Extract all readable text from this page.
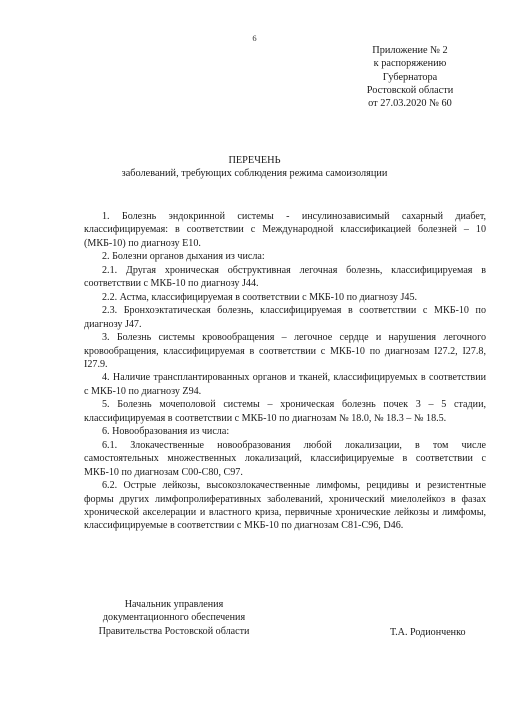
6
Приложение № 2
к распоряжению
Губернатора
Ростовской области
от 27.03.2020 № 60
ПЕРЕЧЕНЬ
заболеваний, требующих соблюдения режима самоизоляции

1. Болезнь эндокринной системы - инсулинозависимый сахарный диабет, классифицируемая: в соответствии с Международной классификацией болезней – 10 (МКБ-10) по диагнозу Е10.

2. Болезни органов дыхания из числа:

2.1. Другая хроническая обструктивная легочная болезнь, классифицируемая в соответствии с МКБ-10 по диагнозу J44.

2.2. Астма, классифицируемая в соответствии с МКБ-10 по диагнозу J45.

2.3. Бронхоэктатическая болезнь, классифицируемая в соответствии с МКБ-10 по диагнозу J47.

3. Болезнь системы кровообращения – легочное сердце и нарушения легочного кровообращения, классифицируемая в соответствии с МКБ-10 по диагнозам I27.2, I27.8, I27.9.

4. Наличие трансплантированных органов и тканей, классифицируемых в соответствии с МКБ-10 по диагнозу Z94.

5. Болезнь мочеполовой системы – хроническая болезнь почек 3 – 5 стадии, классифицируемая в соответствии с МКБ-10 по диагнозам № 18.0, № 18.3 – № 18.5.

6. Новообразования из числа:

6.1. Злокачественные новообразования любой локализации, в том числе самостоятельных множественных локализаций, классифицируемые в соответствии с МКБ-10 по диагнозам С00-С80, С97.

6.2. Острые лейкозы, высокозлокачественные лимфомы, рецидивы и резистентные формы других лимфопролиферативных заболеваний, хронический миелолейкоз в фазах хронической акселерации и властного криза, первичные хронические лейкозы и лимфомы, классифицируемые в соответствии с МКБ-10 по диагнозам С81-С96, D46.

Начальник управления
документационного обеспечения
Правительства Ростовской области	Т.А. Родионченко
